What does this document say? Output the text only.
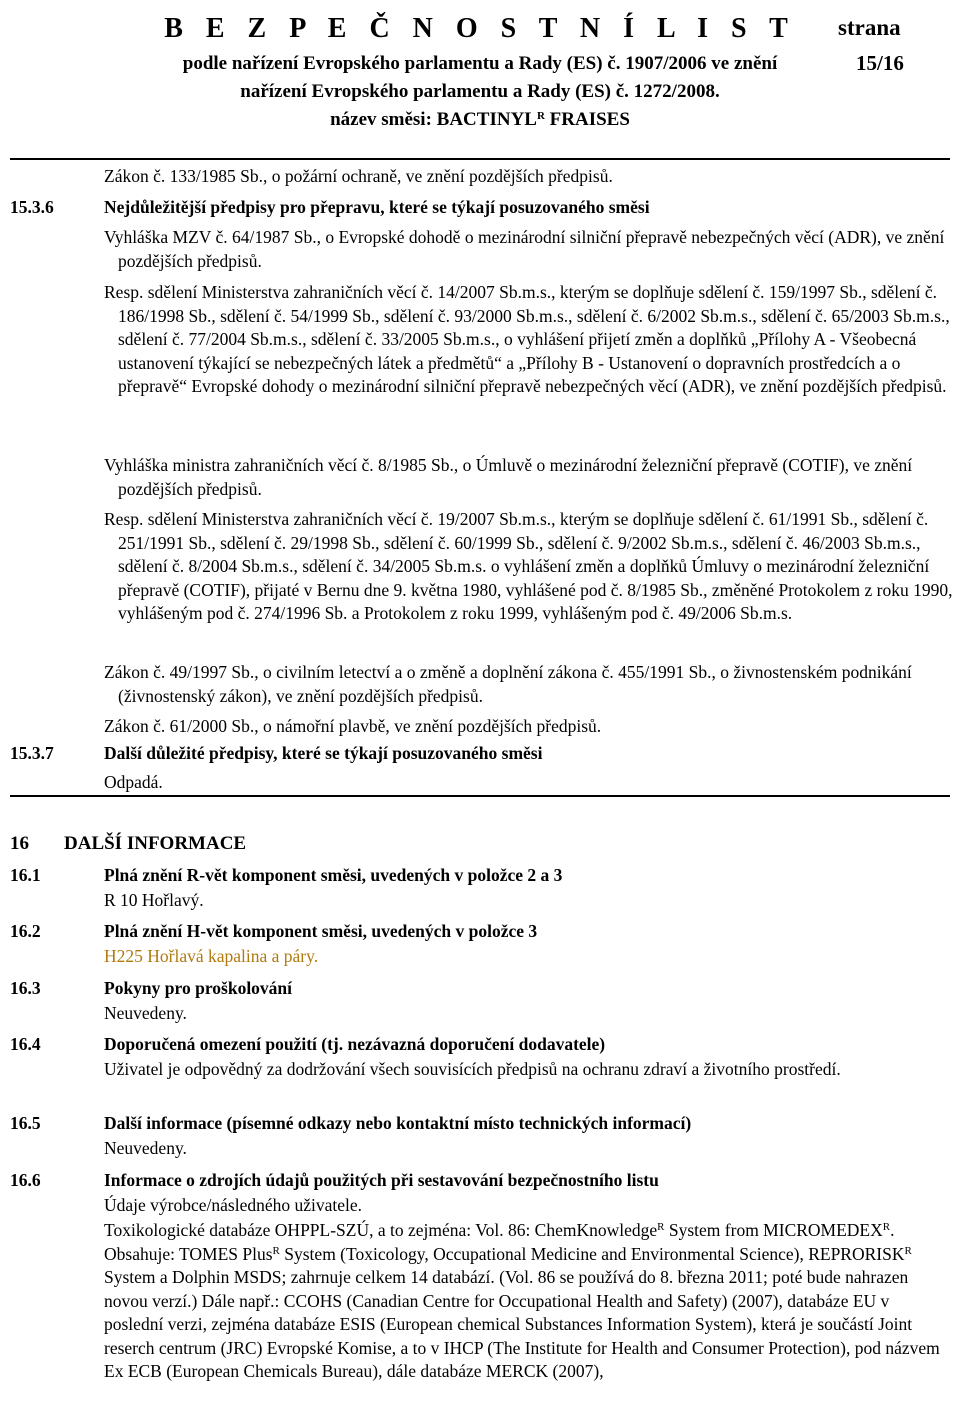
B E Z P E Č N O S T N Í L I S T	strana
15/16
podle nařízení Evropského parlamentu a Rady (ES) č. 1907/2006 ve znění
nařízení Evropského parlamentu a Rady (ES) č. 1272/2008.
název směsi: $BACTINYL^R$ FRAISES
Zákon č. 133/1985 Sb., o požární ochraně, ve znění pozdějších předpisů.
15.3.6	Nejdůležitější předpisy pro přepravu, které se týkají posuzovaného směsi
Vyhláška MZV č. 64/1987 Sb., o Evropské dohodě o mezinárodní silniční přepravě nebezpečných věcí (ADR), ve znění pozdějších předpisů.
Resp. sdělení Ministerstva zahraničních věcí č. 14/2007 Sb.m.s., kterým se doplňuje sdělení č. 159/1997 Sb., sdělení č. 186/1998 Sb., sdělení č. 54/1999 Sb., sdělení č. 93/2000 Sb.m.s., sdělení č. 6/2002 Sb.m.s., sdělení č. 65/2003 Sb.m.s., sdělení č. 77/2004 Sb.m.s., sdělení č. 33/2005 Sb.m.s., o vyhlášení přijetí změn a doplňků „Přílohy A - Všeobecná ustanovení týkající se nebezpečných látek a předmětů“ a „Přílohy B - Ustanovení o dopravních prostředcích a o přepravě“ Evropské dohody o mezinárodní silniční přepravě nebezpečných věcí (ADR), ve znění pozdějších předpisů.
Vyhláška ministra zahraničních věcí č. 8/1985 Sb., o Úmluvě o mezinárodní železniční přepravě (COTIF), ve znění pozdějších předpisů.
Resp. sdělení Ministerstva zahraničních věcí č. 19/2007 Sb.m.s., kterým se doplňuje sdělení č. 61/1991 Sb., sdělení č. 251/1991 Sb., sdělení č. 29/1998 Sb., sdělení č. 60/1999 Sb., sdělení č. 9/2002 Sb.m.s., sdělení č. 46/2003 Sb.m.s., sdělení č. 8/2004 Sb.m.s., sdělení č. 34/2005 Sb.m.s. o vyhlášení změn a doplňků Úmluvy o mezinárodní železniční přepravě (COTIF), přijaté v Bernu dne 9. května 1980, vyhlášené pod č. 8/1985 Sb., změněné Protokolem z roku 1990, vyhlášeným pod č. 274/1996 Sb. a Protokolem z roku 1999, vyhlášeným pod č. 49/2006 Sb.m.s.
Zákon č. 49/1997 Sb., o civilním letectví a o změně a doplnění zákona č. 455/1991 Sb., o živnostenském podnikání (živnostenský zákon), ve znění pozdějších předpisů.
Zákon č. 61/2000 Sb., o námořní plavbě, ve znění pozdějších předpisů.
15.3.7	Další důležité předpisy, které se týkají posuzovaného směsi
Odpadá.
16 DALŠÍ INFORMACE
16.1	Plná znění R-vět komponent směsi, uvedených v položce 2 a 3
R 10 Hořlavý.
16.2	Plná znění H-vět komponent směsi, uvedených v položce 3
H225 Hořlavá kapalina a páry.
16.3	Pokyny pro proškolování
Neuvedeny.
16.4	Doporučená omezení použití (tj. nezávazná doporučení dodavatele)
Uživatel je odpovědný za dodržování všech souvisících předpisů na ochranu zdraví a životního prostředí.
16.5	Další informace (písemné odkazy nebo kontaktní místo technických informací)
Neuvedeny.
16.6	Informace o zdrojích údajů použitých při sestavování bezpečnostního listu
Údaje výrobce/následného uživatele.
Toxikologické databáze OHPPL-SZÚ, a to zejména: Vol. 86: ChemKnowledge$^R$ System from $MICROMEDEX^R$. Obsahuje: TOMES Plus$^R$ System (Toxicology, Occupational Medicine and Environmental Science), $REPRORISK^R$ System a Dolphin MSDS; zahrnuje celkem 14 databází. (Vol. 86 se používá do 8. března 2011; poté bude nahrazen novou verzí.) Dále např.: CCOHS (Canadian Centre for Occupational Health and Safety) (2007), databáze EU v poslední verzi, zejména databáze ESIS (European chemical Substances Information System), která je součástí Joint reserch centrum (JRC) Evropské Komise, a to v IHCP (The Institute for Health and Consumer Protection), pod názvem Ex ECB (European Chemicals Bureau), dále databáze MERCK (2007),
